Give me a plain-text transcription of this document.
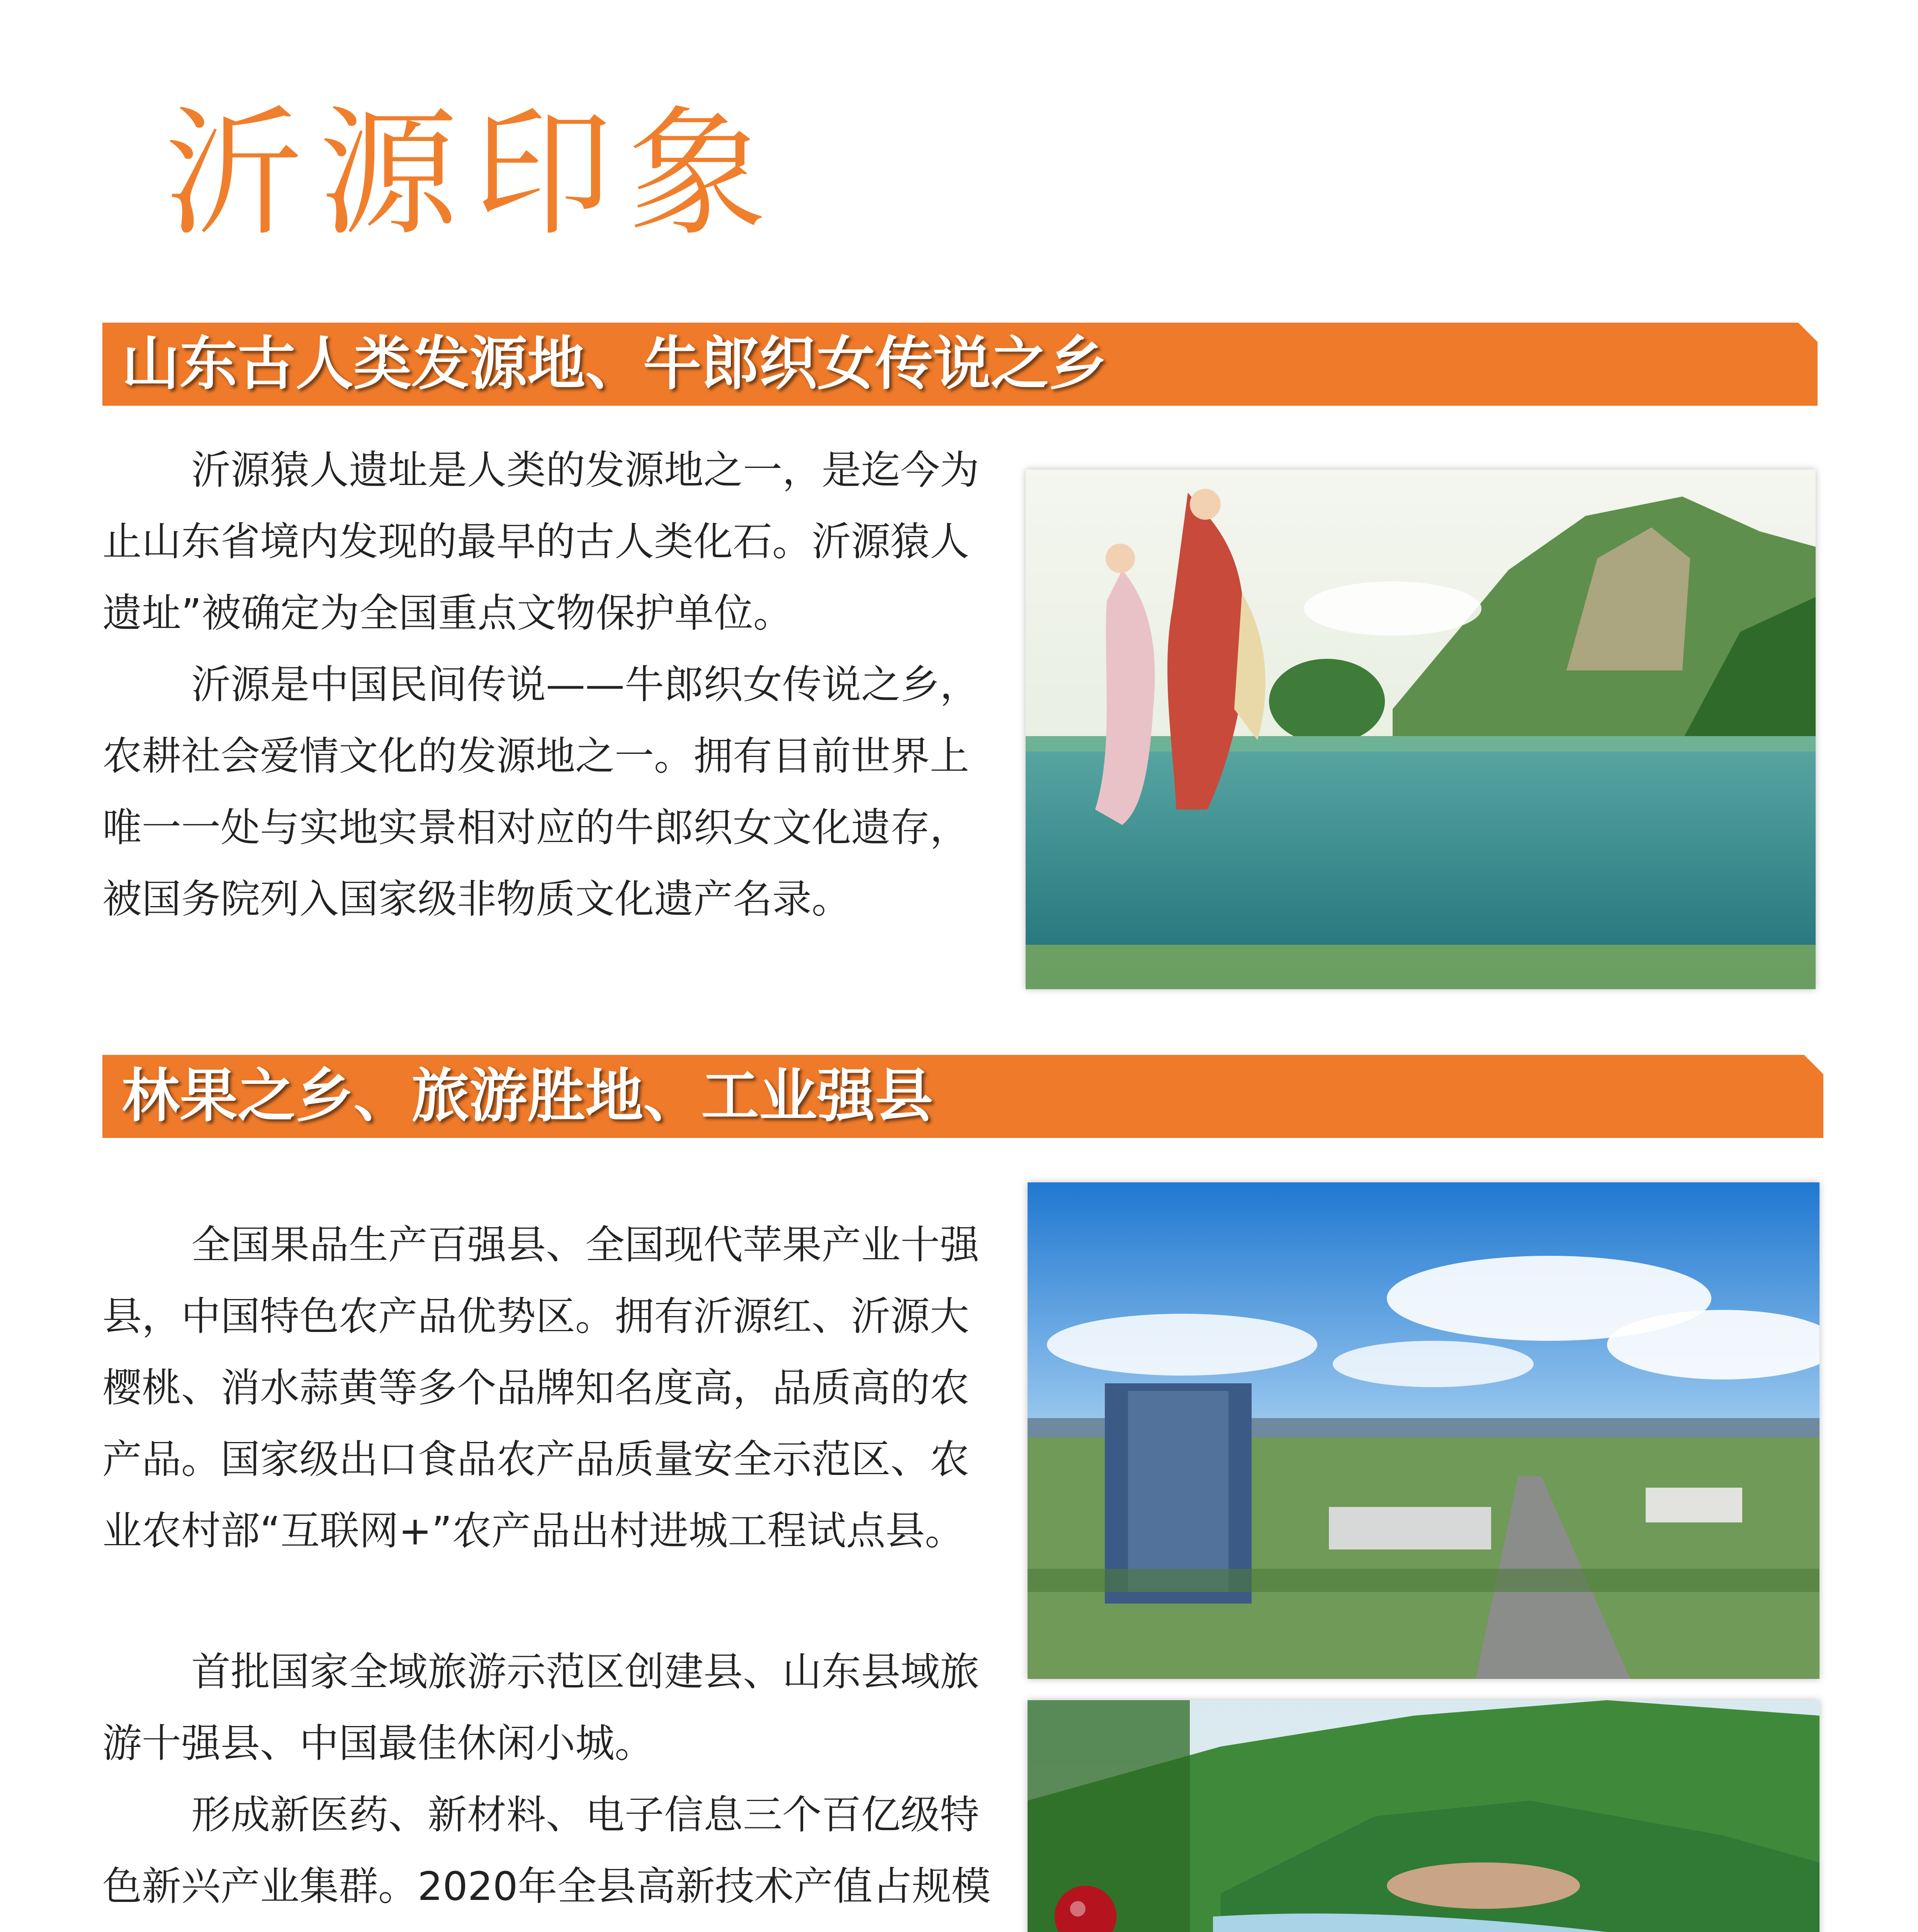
沂源印象
山东古人类发源地、牛郎织女传说之乡

沂源猿人遗址是人类的发源地之一，是迄今为止山东省境内发现的最早的古人类化石。沂源猿人遗址”被确定为全国重点文物保护单位。

沂源是中国民间传说——牛郎织女传说之乡，农耕社会爱情文化的发源地之一。拥有目前世界上唯一一处与实地实景相对应的牛郎织女文化遗存，被国务院列入国家级非物质文化遗产名录。

林果之乡、旅游胜地、工业强县

全国果品生产百强县、全国现代苹果产业十强县，中国特色农产品优势区。拥有沂源红、沂源大樱桃、消水蒜黄等多个品牌知名度高，品质高的农产品。国家级出口食品农产品质量安全示范区、农业农村部“互联网+”农产品出村进城工程试点县。

首批国家全域旅游示范区创建县、山东县域旅游十强县、中国最佳休闲小城。

形成新医药、新材料、电子信息三个百亿级特色新兴产业集群。2020年全县高新技术产值占规模
